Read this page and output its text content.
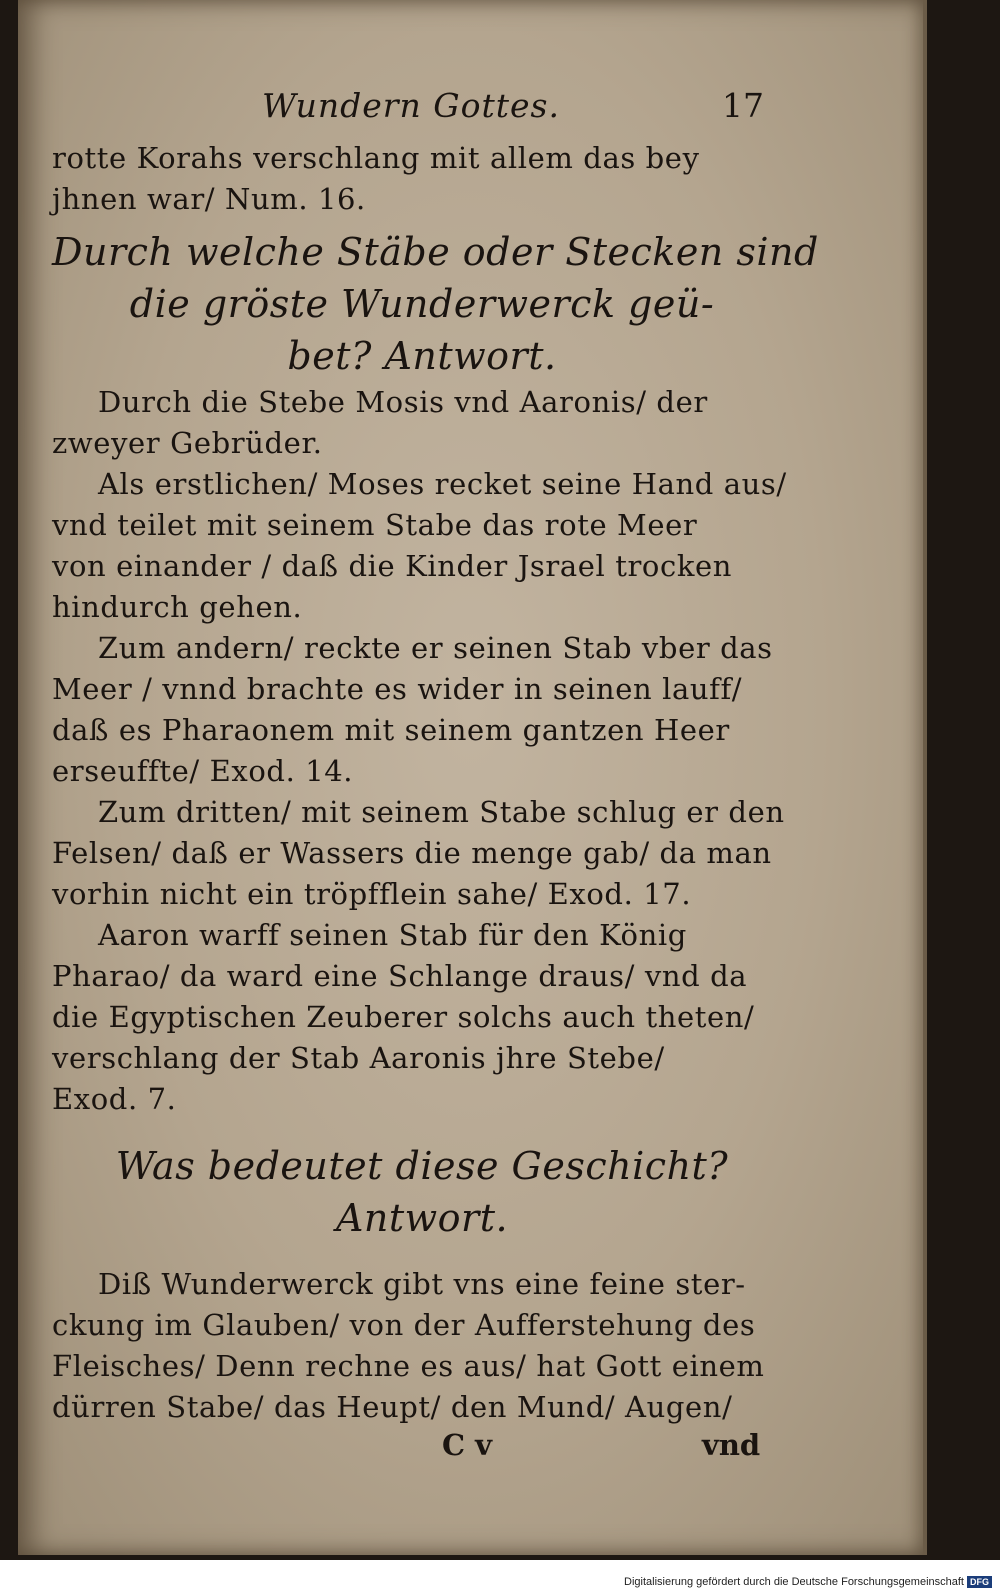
Wundern Gottes.	17
rotte Korahs verschlang mit allem das bey
jhnen war/ Num. 16.
Durch welche Stäbe oder Stecken sind
die gröste Wunderwerck geü-
bet? Antwort.
Durch die Stebe Mosis vnd Aaronis/ der
zweyer Gebrüder.
Als erstlichen/ Moses recket seine Hand aus/
vnd teilet mit seinem Stabe das rote Meer
von einander / daß die Kinder Jsrael trocken
hindurch gehen.
Zum andern/ reckte er seinen Stab vber das
Meer / vnnd brachte es wider in seinen lauff/
daß es Pharaonem mit seinem gantzen Heer
erseuffte/ Exod. 14.
Zum dritten/ mit seinem Stabe schlug er den
Felsen/ daß er Wassers die menge gab/ da man
vorhin nicht ein tröpfflein sahe/ Exod. 17.
Aaron warff seinen Stab für den König
Pharao/ da ward eine Schlange draus/ vnd da
die Egyptischen Zeuberer solchs auch theten/
verschlang der Stab Aaronis jhre Stebe/
Exod. 7.
Was bedeutet diese Geschicht?
Antwort.
Diß Wunderwerck gibt vns eine feine ster-
ckung im Glauben/ von der Aufferstehung des
Fleisches/ Denn rechne es aus/ hat Gott einem
dürren Stabe/ das Heupt/ den Mund/ Augen/
C v	vnd
Digitalisierung gefördert durch die Deutsche Forschungsgemeinschaft DFG
